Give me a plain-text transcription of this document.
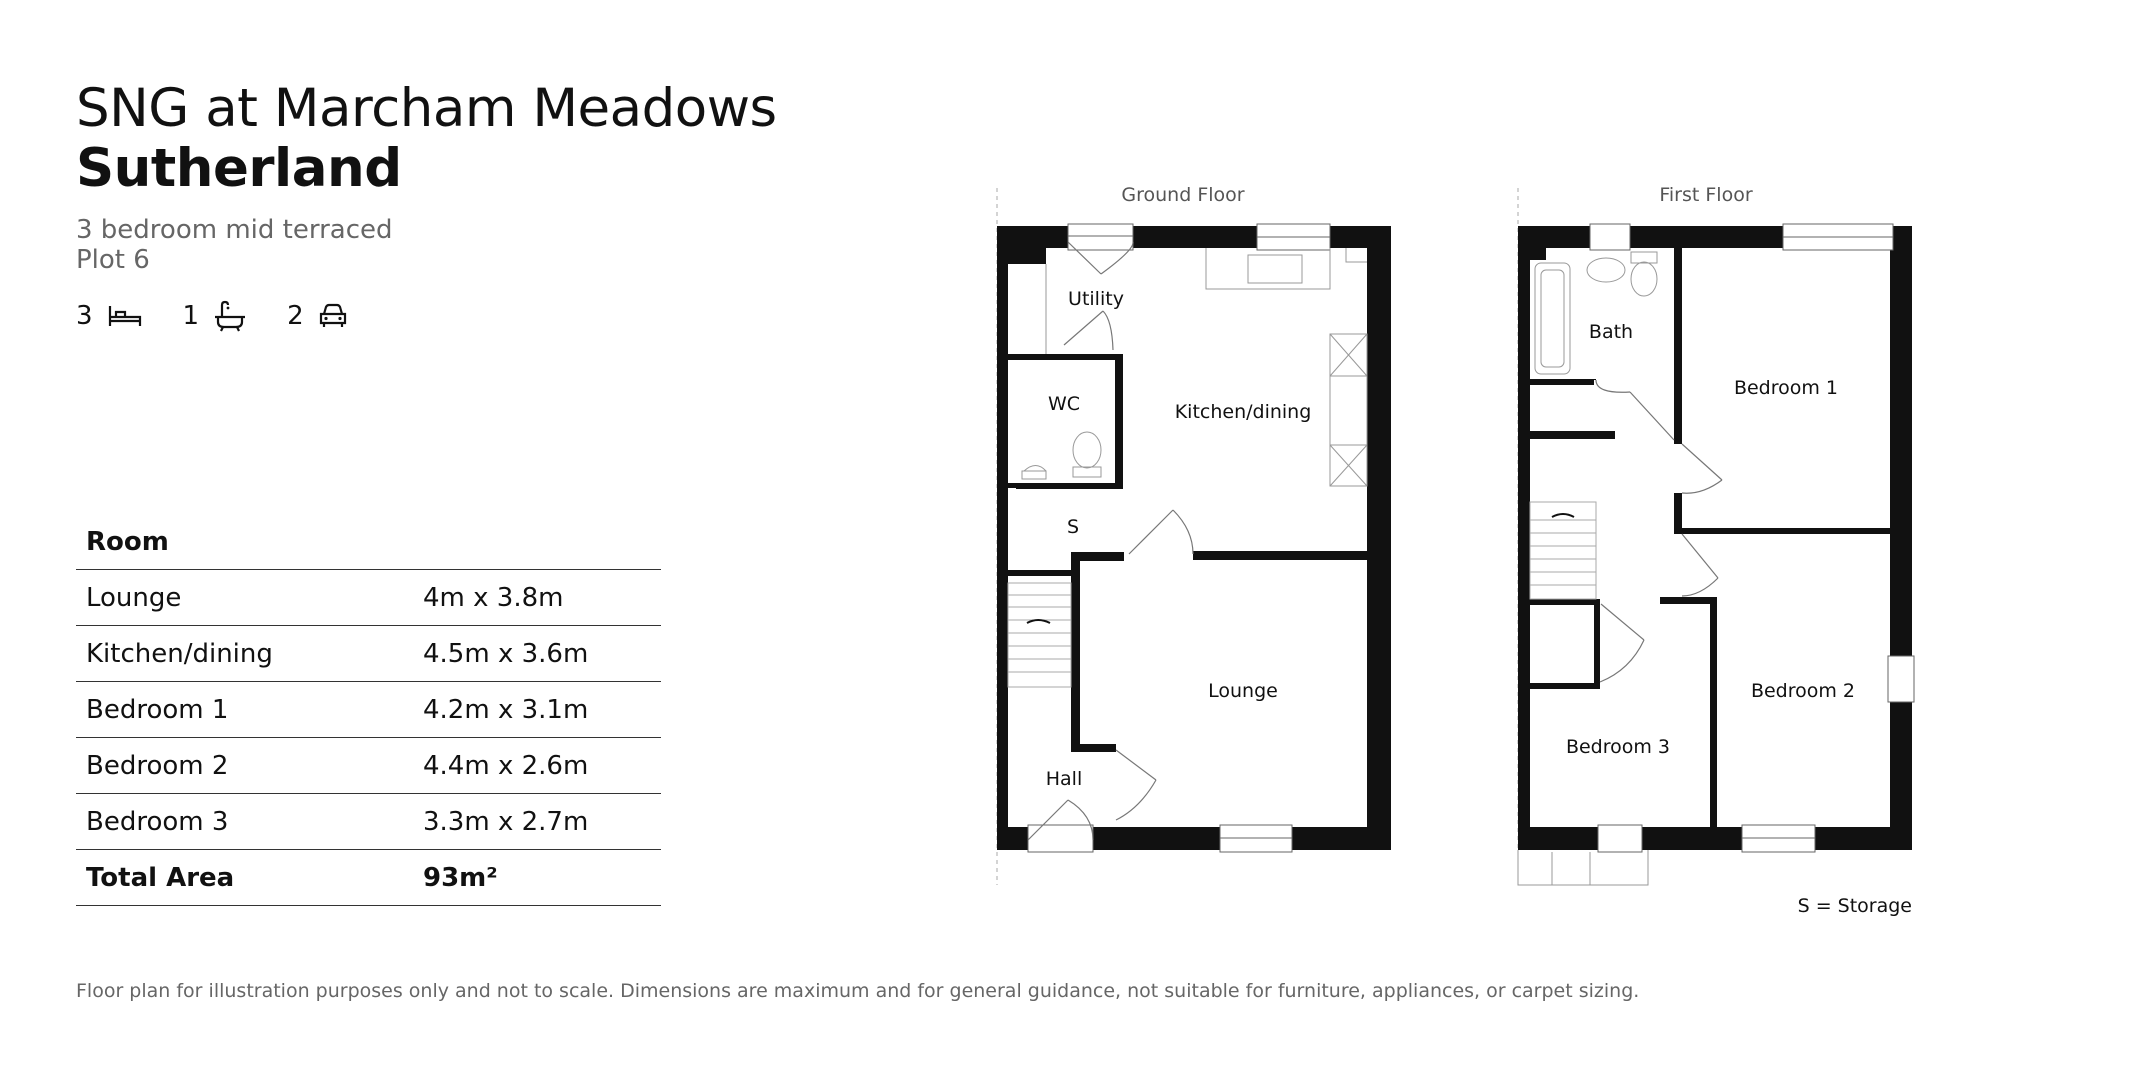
SNG at Marcham Meadows
Sutherland
3 bedroom mid terraced
Plot 6
3	1	2
Room	
Lounge	4m x 3.8m
Kitchen/dining	4.5m x 3.6m
Bedroom 1	4.2m x 3.1m
Bedroom 2	4.4m x 2.6m
Bedroom 3	3.3m x 2.7m
Total Area	93m²
Ground Floor
Utility
WC	Kitchen/dining
S
Lounge
Hall
First Floor
Bath
Bedroom 1
Bedroom 2
Bedroom 3
S = Storage
Floor plan for illustration purposes only and not to scale. Dimensions are maximum and for general guidance, not suitable for furniture, appliances, or carpet sizing.
